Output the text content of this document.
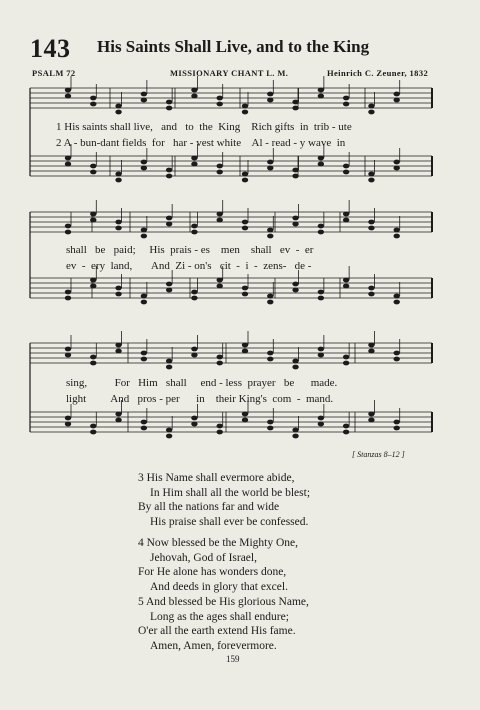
143 His Saints Shall Live, and to the King
PSALM 72	MISSIONARY CHANT L. M.	Heinrich C. Zeuner, 1832
1 His saints shall live,   and   to  the  King    Rich gifts  in  trib - ute
2 A - bun-dant fields  for   har - vest white    Al - read - y wave  in
shall   be   paid;     His  prais - es    men    shall   ev  -  er
ev  -  ery  land,       And  Zi - on's   cit  -  i  -  zens-   de -
sing,          For   Him   shall     end - less  prayer   be      made.
light         And   pros - per      in    their King's  com  -  mand.
[ Stanzas 8–12 ]
3 His Name shall evermore abide,
In Him shall all the world be blest;
By all the nations far and wide
His praise shall ever be confessed.
4 Now blessed be the Mighty One,
Jehovah, God of Israel,
For He alone has wonders done,
And deeds in glory that excel.
5 And blessed be His glorious Name,
Long as the ages shall endure;
O'er all the earth extend His fame.
Amen, Amen, forevermore.
159
